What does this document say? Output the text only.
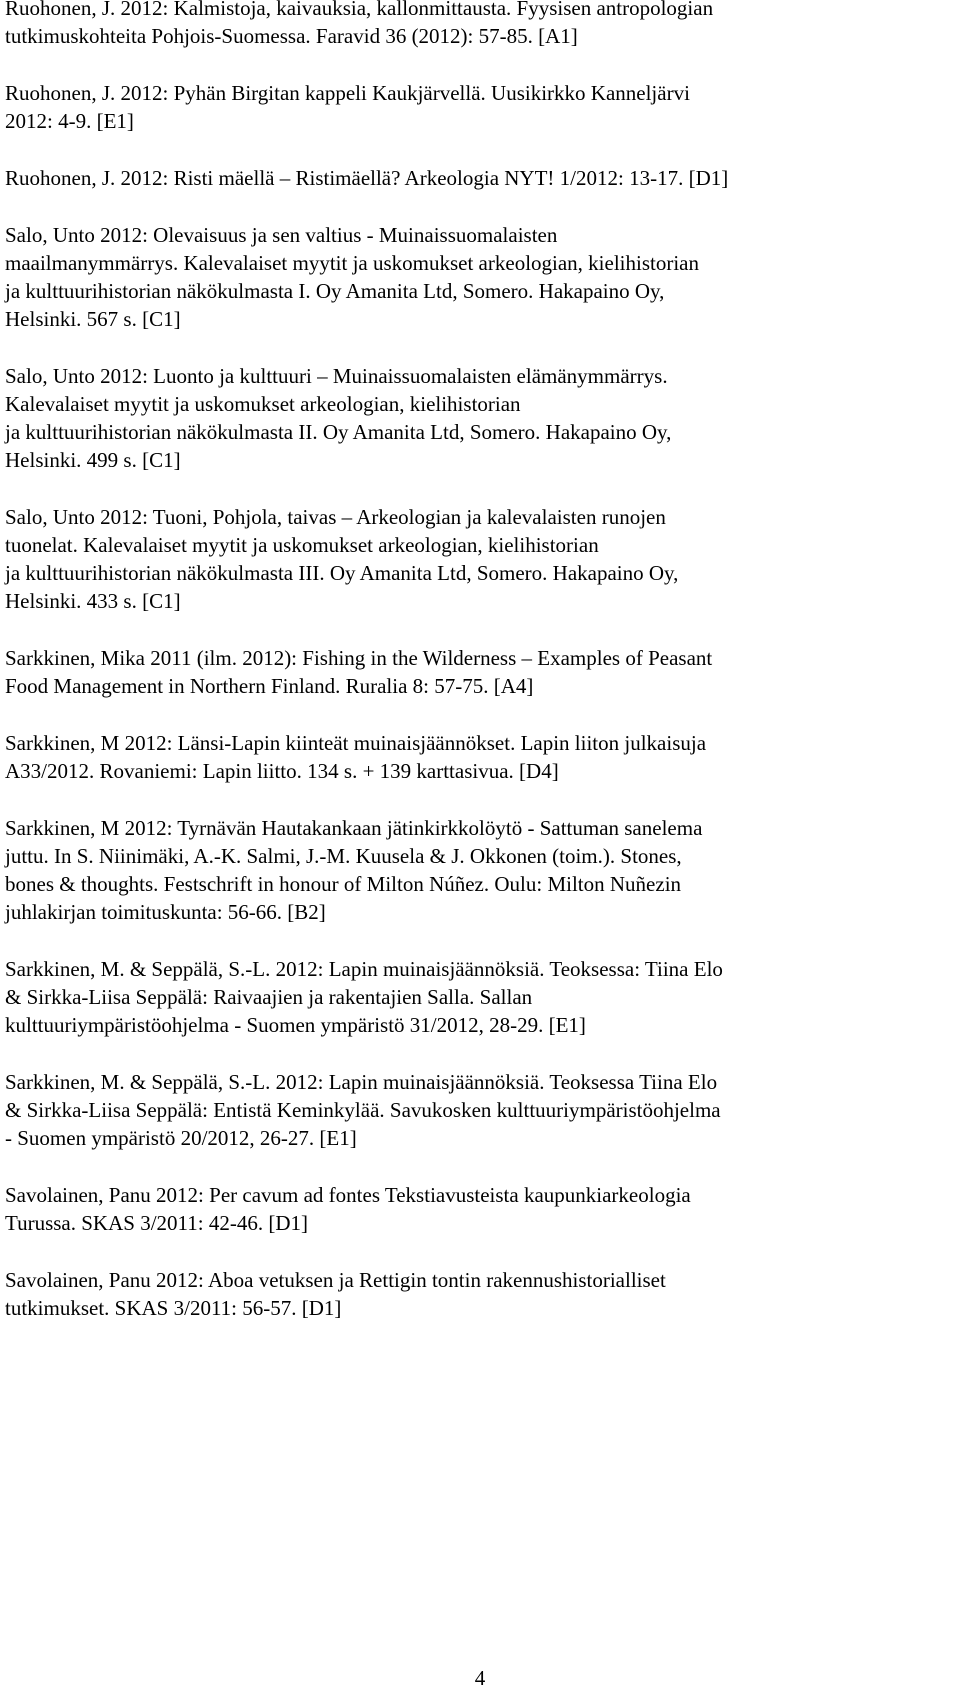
Ruohonen, J. 2012: Kalmistoja, kaivauksia, kallonmittausta. Fyysisen antropologian
tutkimuskohteita Pohjois-Suomessa. Faravid 36 (2012): 57-85. [A1]
Ruohonen, J. 2012: Pyhän Birgitan kappeli Kaukjärvellä. Uusikirkko Kanneljärvi
2012: 4-9. [E1]
Ruohonen, J. 2012: Risti mäellä – Ristimäellä? Arkeologia NYT! 1/2012: 13-17. [D1]
Salo, Unto 2012: Olevaisuus ja sen valtius - Muinaissuomalaisten
maailmanymmärrys. Kalevalaiset myytit ja uskomukset arkeologian, kielihistorian
ja kulttuurihistorian näkökulmasta I. Oy Amanita Ltd, Somero. Hakapaino Oy,
Helsinki. 567 s. [C1]
Salo, Unto 2012: Luonto ja kulttuuri – Muinaissuomalaisten elämänymmärrys.
Kalevalaiset myytit ja uskomukset arkeologian, kielihistorian
ja kulttuurihistorian näkökulmasta II. Oy Amanita Ltd, Somero. Hakapaino Oy,
Helsinki. 499 s. [C1]
Salo, Unto 2012: Tuoni, Pohjola, taivas – Arkeologian ja kalevalaisten runojen
tuonelat. Kalevalaiset myytit ja uskomukset arkeologian, kielihistorian
ja kulttuurihistorian näkökulmasta III. Oy Amanita Ltd, Somero. Hakapaino Oy,
Helsinki. 433 s. [C1]
Sarkkinen, Mika 2011 (ilm. 2012): Fishing in the Wilderness – Examples of Peasant
Food Management in Northern Finland. Ruralia 8: 57-75. [A4]
Sarkkinen, M 2012: Länsi-Lapin kiinteät muinaisjäännökset. Lapin liiton julkaisuja
A33/2012. Rovaniemi: Lapin liitto. 134 s. + 139 karttasivua. [D4]
Sarkkinen, M 2012: Tyrnävän Hautakankaan jätinkirkkolöytö - Sattuman sanelema
juttu. In S. Niinimäki, A.-K. Salmi, J.-M. Kuusela & J. Okkonen (toim.). Stones,
bones & thoughts. Festschrift in honour of Milton Núñez. Oulu: Milton Nuñezin
juhlakirjan toimituskunta: 56-66. [B2]
Sarkkinen, M. & Seppälä, S.-L. 2012: Lapin muinaisjäännöksiä. Teoksessa: Tiina Elo
& Sirkka-Liisa Seppälä: Raivaajien ja rakentajien Salla. Sallan
kulttuuriympäristöohjelma - Suomen ympäristö 31/2012, 28-29. [E1]
Sarkkinen, M. & Seppälä, S.-L. 2012: Lapin muinaisjäännöksiä. Teoksessa Tiina Elo
& Sirkka-Liisa Seppälä: Entistä Keminkylää. Savukosken kulttuuriympäristöohjelma
- Suomen ympäristö 20/2012, 26-27. [E1]
Savolainen, Panu 2012: Per cavum ad fontes Tekstiavusteista kaupunkiarkeologia
Turussa. SKAS 3/2011: 42-46. [D1]
Savolainen, Panu 2012: Aboa vetuksen ja Rettigin tontin rakennushistorialliset
tutkimukset. SKAS 3/2011: 56-57. [D1]
4
